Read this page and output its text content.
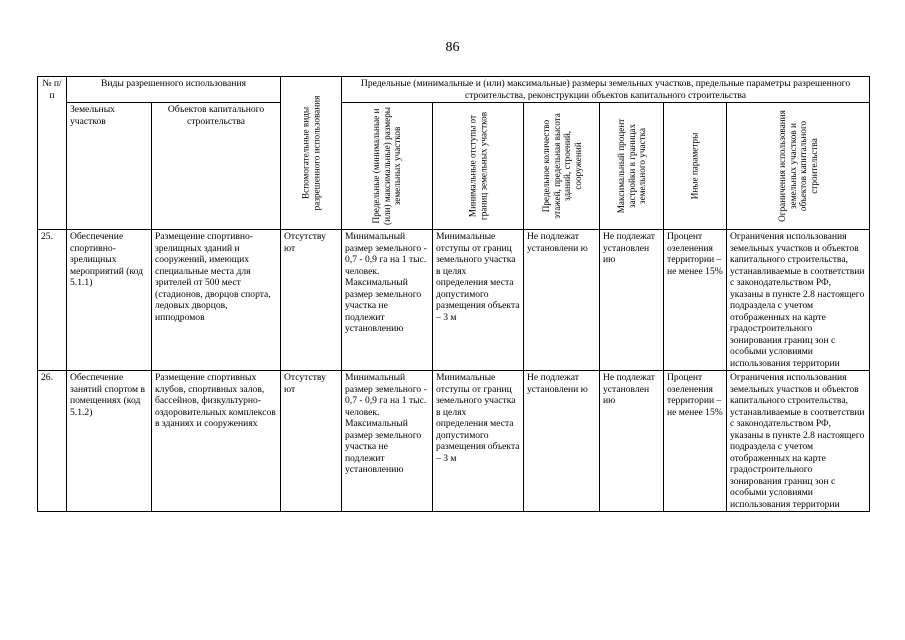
86
№ п/п	Виды разрешенного использования		Вспомогательные виды разрешенного использования	Предельные (минимальные и (или) максимальные) размеры земельных участков, предельные параметры разрешенного строительства, реконструкции объектов капитального строительства					
	Земельных участков	Объектов капитального строительства		Предельные (минимальные и (или) максимальные) размеры земельных участков	Минимальные отступы от границ земельных участков	Предельное количество этажей, предельная высота зданий, строений, сооружений	Максимальный процент застройки в границах земельного участка	Иные параметры	Ограничения использования земельных участков и объектов капитального строительства

25.	Обеспечение спортивно-зрелищных мероприятий (код 5.1.1)	Размещение спортивно-зрелищных зданий и сооружений, имеющих специальные места для зрителей от 500 мест (стадионов, дворцов спорта, ледовых дворцов, ипподромов	Отсутству ют	Минимальный размер земельного - 0,7 - 0,9 га на 1 тыс. человек. Максимальный размер земельного участка не подлежит установлению	Минимальные отступы от границ земельного участка в целях определения места допустимого размещения объекта – 3 м	Не подлежат установлени ю	Не подлежат установлен ию	Процент озеленения территории – не менее 15%	Ограничения использования земельных участков и объектов капитального строительства, устанавливаемые в соответствии с законодательством РФ, указаны в пункте 2.8 настоящего подраздела с учетом отображенных на карте градостроительного зонирования границ зон с особыми условиями использования территории
26.	Обеспечение занятий спортом в помещениях (код 5.1.2)	Размещение спортивных клубов, спортивных залов, бассейнов, физкультурно-оздоровительных комплексов в зданиях и сооружениях	Отсутству ют	Минимальный размер земельного - 0,7 - 0,9 га на 1 тыс. человек. Максимальный размер земельного участка не подлежит установлению	Минимальные отступы от границ земельного участка в целях определения места допустимого размещения объекта – 3 м	Не подлежат установлени ю	Не подлежат установлен ию	Процент озеленения территории – не менее 15%	Ограничения использования земельных участков и объектов капитального строительства, устанавливаемые в соответствии с законодательством РФ, указаны в пункте 2.8 настоящего подраздела с учетом отображенных на карте градостроительного зонирования границ зон с особыми условиями использования территории
